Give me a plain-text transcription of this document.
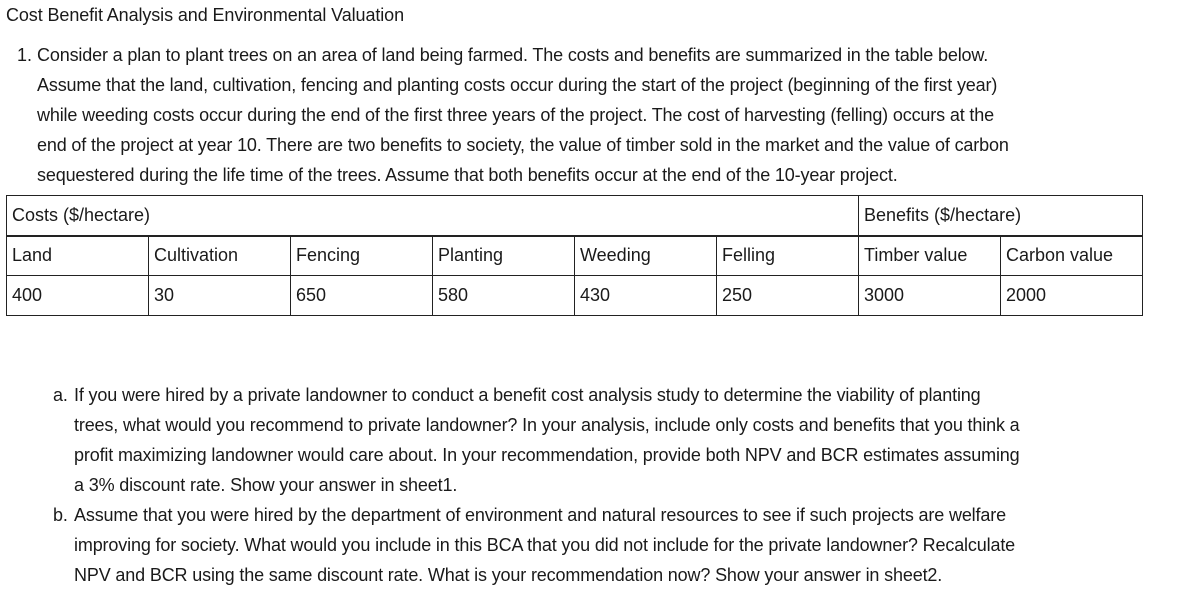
Cost Benefit Analysis and Environmental Valuation
1. Consider a plan to plant trees on an area of land being farmed. The costs and benefits are summarized in the table below.
Assume that the land, cultivation, fencing and planting costs occur during the start of the project (beginning of the first year)
while weeding costs occur during the end of the first three years of the project. The cost of harvesting (felling) occurs at the
end of the project at year 10. There are two benefits to society, the value of timber sold in the market and the value of carbon
sequestered during the life time of the trees. Assume that both benefits occur at the end of the 10-year project.
Costs ($/hectare)						Benefits ($/hectare)	
Land	Cultivation	Fencing	Planting	Weeding	Felling	Timber value	Carbon value
400	30	650	580	430	250	3000	2000
a. If you were hired by a private landowner to conduct a benefit cost analysis study to determine the viability of planting
trees, what would you recommend to private landowner? In your analysis, include only costs and benefits that you think a
profit maximizing landowner would care about. In your recommendation, provide both NPV and BCR estimates assuming
a 3% discount rate. Show your answer in sheet1.
b. Assume that you were hired by the department of environment and natural resources to see if such projects are welfare
improving for society. What would you include in this BCA that you did not include for the private landowner? Recalculate
NPV and BCR using the same discount rate. What is your recommendation now? Show your answer in sheet2.
